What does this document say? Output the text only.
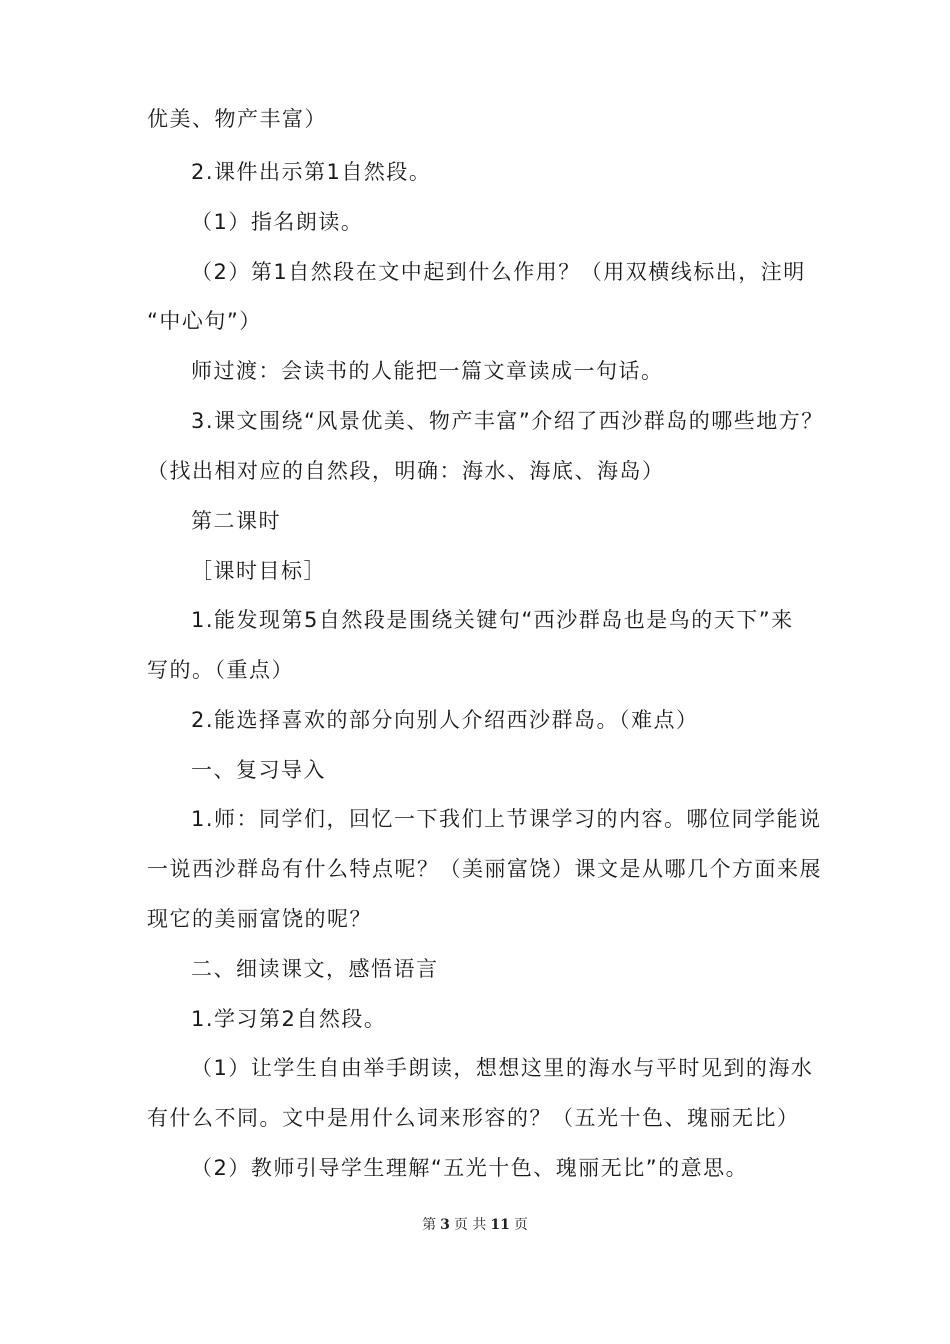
优美、物产丰富）
2.课件出示第1自然段。
（1）指名朗读。
（2）第1自然段在文中起到什么作用？（用双横线标出，注明
“中心句”）
师过渡：会读书的人能把一篇文章读成一句话。
3.课文围绕“风景优美、物产丰富”介绍了西沙群岛的哪些地方？
（找出相对应的自然段，明确：海水、海底、海岛）
第二课时
［课时目标］
1.能发现第5自然段是围绕关键句“西沙群岛也是鸟的天下”来
写的。（重点）
2.能选择喜欢的部分向别人介绍西沙群岛。（难点）
一、复习导入
1.师：同学们，回忆一下我们上节课学习的内容。哪位同学能说
一说西沙群岛有什么特点呢？（美丽富饶）课文是从哪几个方面来展
现它的美丽富饶的呢？
二、细读课文，感悟语言
1.学习第2自然段。
（1）让学生自由举手朗读，想想这里的海水与平时见到的海水
有什么不同。文中是用什么词来形容的？（五光十色、瑰丽无比）
（2）教师引导学生理解“五光十色、瑰丽无比”的意思。
第 3 页 共 11 页
